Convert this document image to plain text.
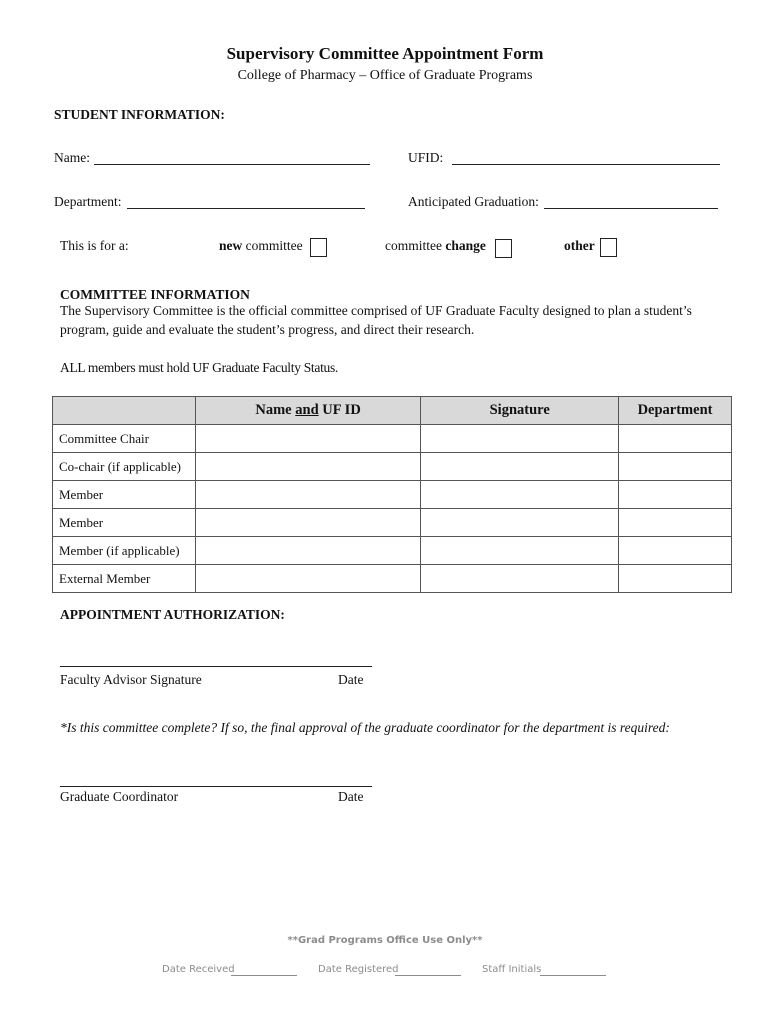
Supervisory Committee Appointment Form
College of Pharmacy – Office of Graduate Programs
STUDENT INFORMATION:
Name:	UFID:
Department:	Anticipated Graduation:
This is for a:	new committee	committee change	other
COMMITTEE INFORMATION
The Supervisory Committee is the official committee comprised of UF Graduate Faculty designed to plan a student’s
program, guide and evaluate the student’s progress, and direct their research.
ALL members must hold UF Graduate Faculty Status.
	Name and UF ID	Signature	Department
Committee Chair			
Co-chair (if applicable)			
Member			
Member			
Member (if applicable)			
External Member			
APPOINTMENT AUTHORIZATION:
Faculty Advisor Signature	Date
*Is this committee complete? If so, the final approval of the graduate coordinator for the department is required:
Graduate Coordinator	Date
**Grad Programs Office Use Only**
Date Received	Date Registered	Staff Initials
